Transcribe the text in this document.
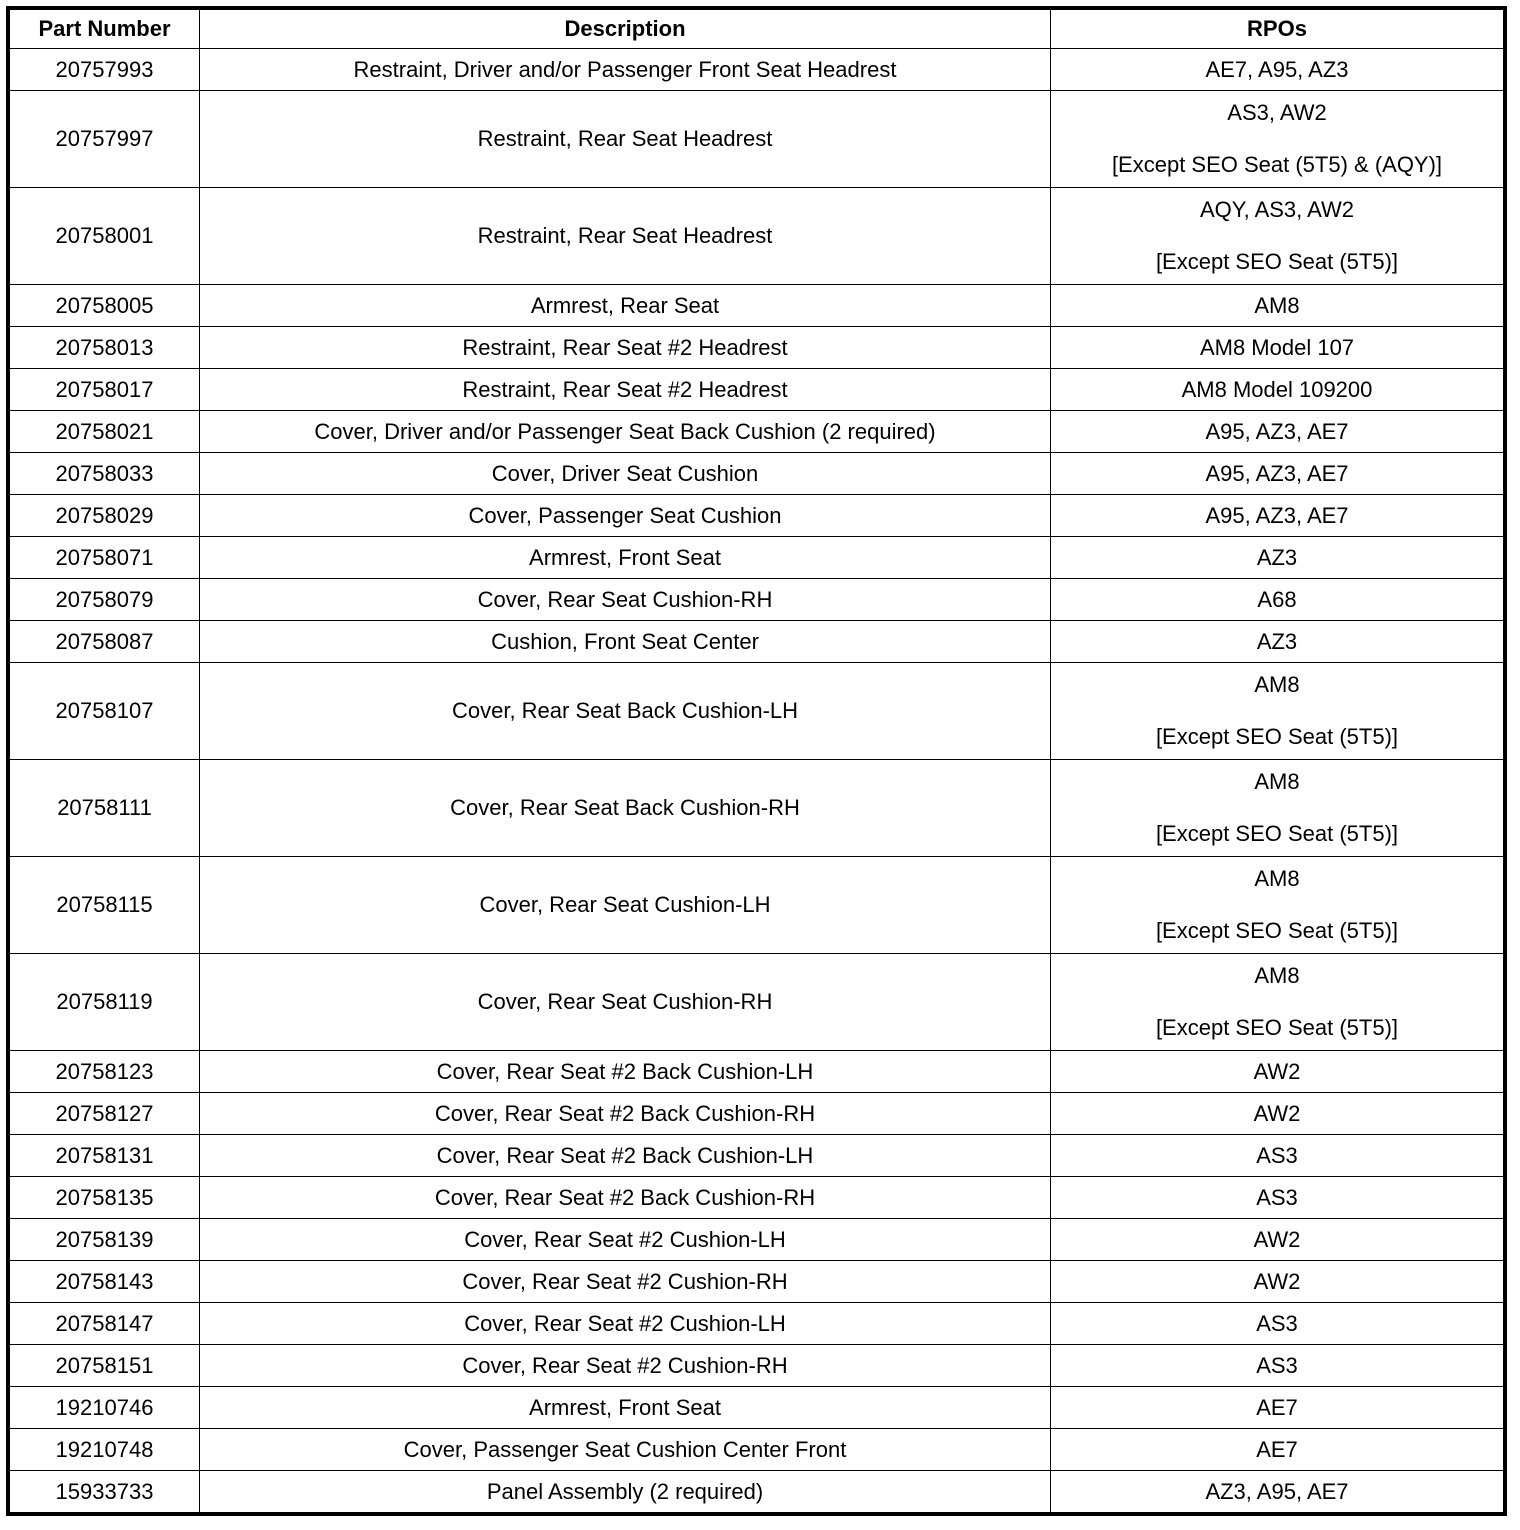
Part Number	Description	RPOs
20757993	Restraint, Driver and/or Passenger Front Seat Headrest	AE7, A95, AZ3

20757997	Restraint, Rear Seat Headrest	AS3, AW2
[Except SEO Seat (5T5) & (AQY)]

20758001	Restraint, Rear Seat Headrest	AQY, AS3, AW2
[Except SEO Seat (5T5)]

20758005	Armrest, Rear Seat	AM8

20758013	Restraint, Rear Seat #2 Headrest	AM8 Model 107

20758017	Restraint, Rear Seat #2 Headrest	AM8 Model 109200

20758021	Cover, Driver and/or Passenger Seat Back Cushion (2 required)	A95, AZ3, AE7

20758033	Cover, Driver Seat Cushion	A95, AZ3, AE7

20758029	Cover, Passenger Seat Cushion	A95, AZ3, AE7

20758071	Armrest, Front Seat	AZ3

20758079	Cover, Rear Seat Cushion-RH	A68

20758087	Cushion, Front Seat Center	AZ3

20758107	Cover, Rear Seat Back Cushion-LH	AM8
[Except SEO Seat (5T5)]

20758111	Cover, Rear Seat Back Cushion-RH	AM8
[Except SEO Seat (5T5)]

20758115	Cover, Rear Seat Cushion-LH	AM8
[Except SEO Seat (5T5)]

20758119	Cover, Rear Seat Cushion-RH	AM8
[Except SEO Seat (5T5)]

20758123	Cover, Rear Seat #2 Back Cushion-LH	AW2

20758127	Cover, Rear Seat #2 Back Cushion-RH	AW2

20758131	Cover, Rear Seat #2 Back Cushion-LH	AS3

20758135	Cover, Rear Seat #2 Back Cushion-RH	AS3

20758139	Cover, Rear Seat #2 Cushion-LH	AW2

20758143	Cover, Rear Seat #2 Cushion-RH	AW2

20758147	Cover, Rear Seat #2 Cushion-LH	AS3

20758151	Cover, Rear Seat #2 Cushion-RH	AS3

19210746	Armrest, Front Seat	AE7

19210748	Cover, Passenger Seat Cushion Center Front	AE7

15933733	Panel Assembly (2 required)	AZ3, A95, AE7
